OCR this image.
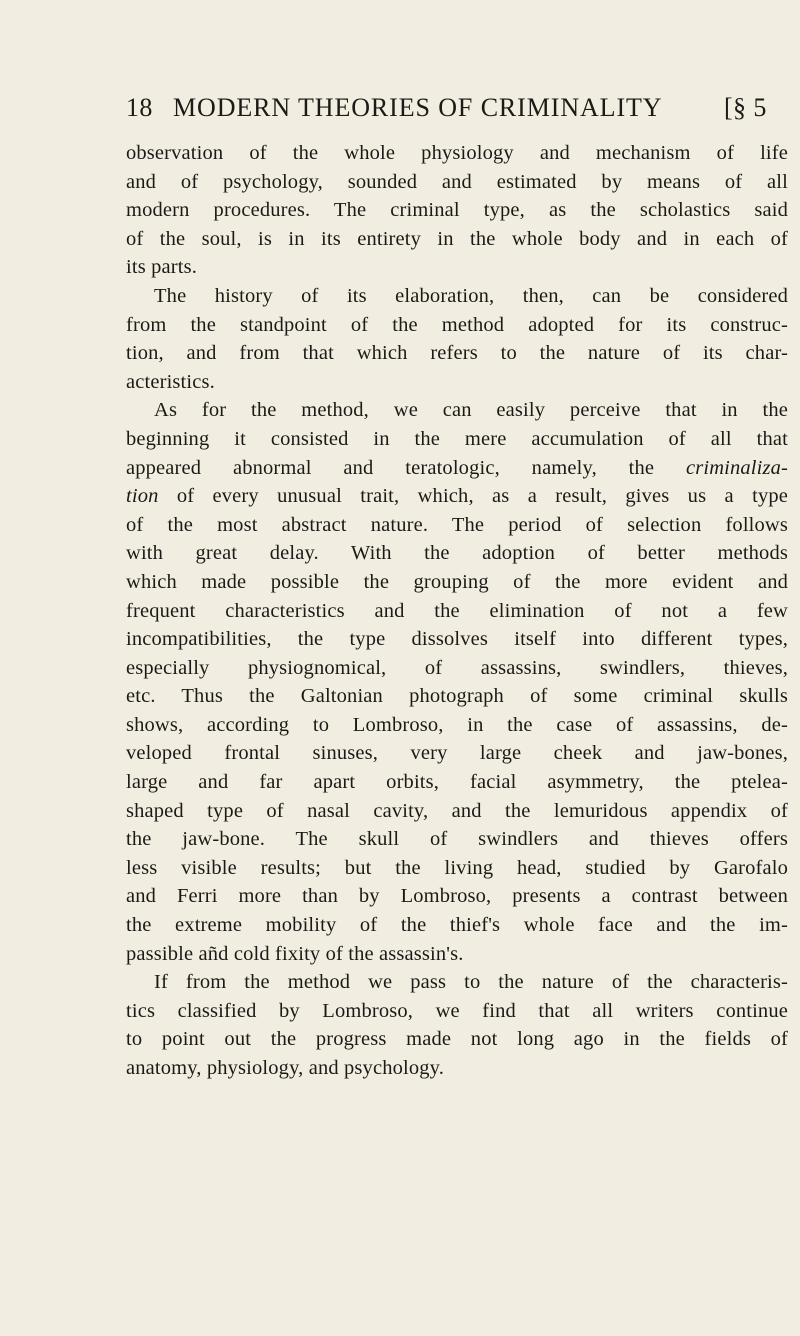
18 MODERN THEORIES OF CRIMINALITY [§ 5
observation of the whole physiology and mechanism of life
and of psychology, sounded and estimated by means of all
modern procedures. The criminal type, as the scholastics said
of the soul, is in its entirety in the whole body and in each of
its parts.
The history of its elaboration, then, can be considered
from the standpoint of the method adopted for its construc-
tion, and from that which refers to the nature of its char-
acteristics.
As for the method, we can easily perceive that in the
beginning it consisted in the mere accumulation of all that
appeared abnormal and teratologic, namely, the criminaliza-
tion of every unusual trait, which, as a result, gives us a type
of the most abstract nature. The period of selection follows
with great delay. With the adoption of better methods
which made possible the grouping of the more evident and
frequent characteristics and the elimination of not a few
incompatibilities, the type dissolves itself into different types,
especially physiognomical, of assassins, swindlers, thieves,
etc. Thus the Galtonian photograph of some criminal skulls
shows, according to Lombroso, in the case of assassins, de-
veloped frontal sinuses, very large cheek and jaw-bones,
large and far apart orbits, facial asymmetry, the ptelea-
shaped type of nasal cavity, and the lemuridous appendix of
the jaw-bone. The skull of swindlers and thieves offers
less visible results; but the living head, studied by Garofalo
and Ferri more than by Lombroso, presents a contrast between
the extreme mobility of the thief's whole face and the im-
passible añd cold fixity of the assassin's.
If from the method we pass to the nature of the characteris-
tics classified by Lombroso, we find that all writers continue
to point out the progress made not long ago in the fields of
anatomy, physiology, and psychology.
